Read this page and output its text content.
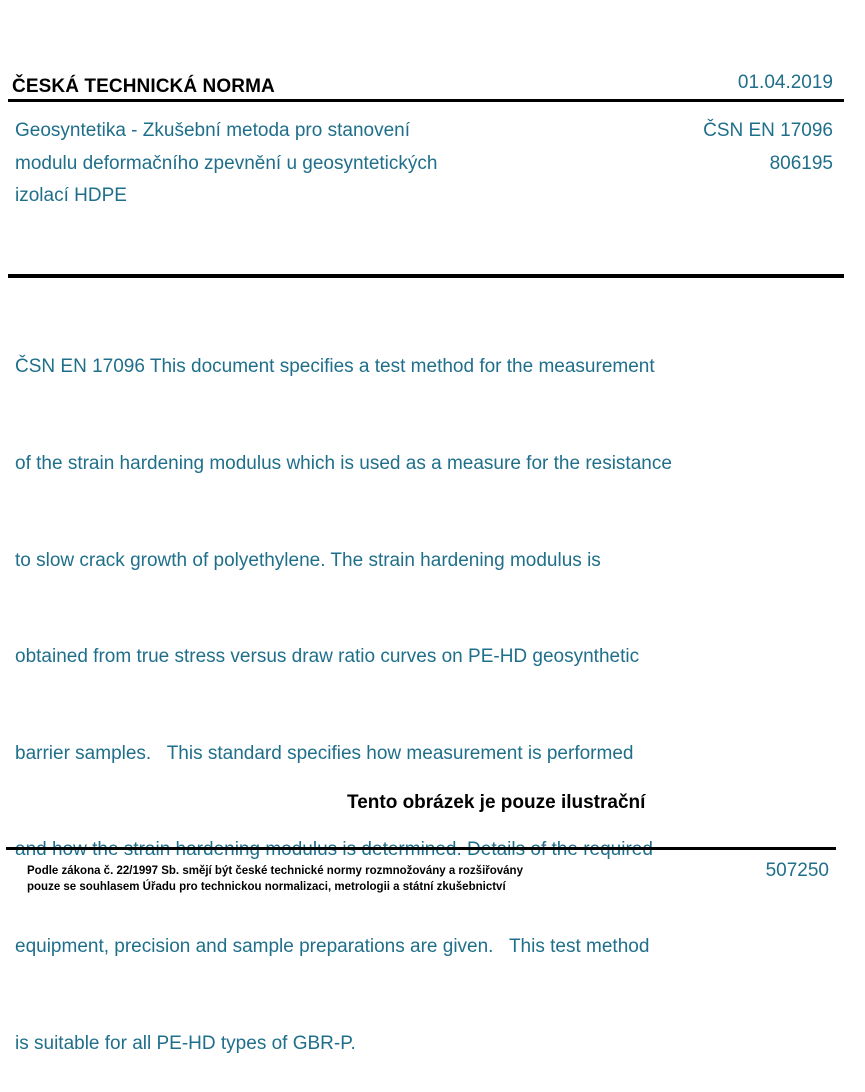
ČESKÁ TECHNICKÁ NORMA	01.04.2019
Geosyntetika - Zkušební metoda pro stanovení
modulu deformačního zpevnění u geosyntetických
izolací HDPE
ČSN EN 17096
806195

ČSN EN 17096 This document specifies a test method for the measurement

of the strain hardening modulus which is used as a measure for the resistance

to slow crack growth of polyethylene. The strain hardening modulus is

obtained from true stress versus draw ratio curves on PE-HD geosynthetic

barrier samples.   This standard specifies how measurement is performed

equipment, precision and sample preparations are given.   This test method

is suitable for all PE-HD types of GBR-P.

Tento obrázek je pouze ilustrační
Podle zákona č. 22/1997 Sb. smějí být české technické normy rozmnožovány a rozšiřovány
pouze se souhlasem Úřadu pro technickou normalizaci, metrologii a státní zkušebnictví
507250
